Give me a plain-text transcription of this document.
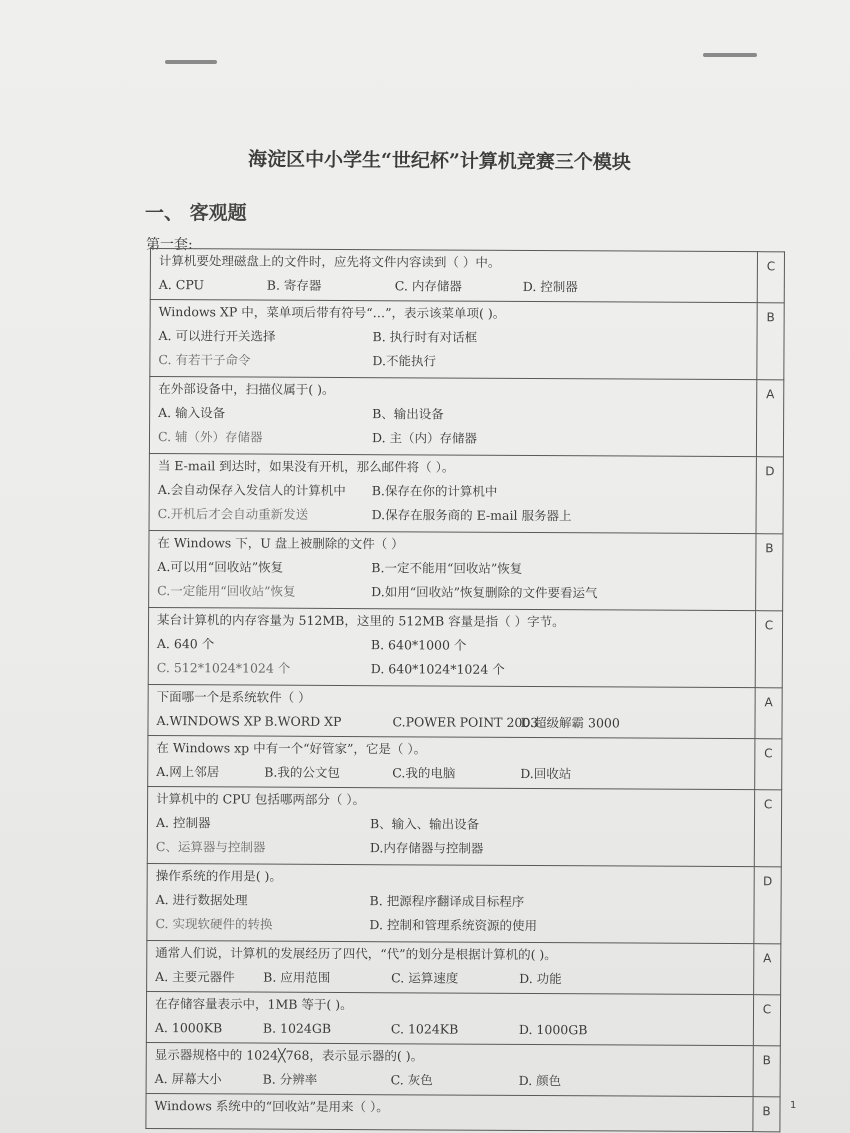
海淀区中小学生“世纪杯”计算机竞赛三个模块
一、 客观题
第一套:
计算机要处理磁盘上的文件时，应先将文件内容读到（ ）中。
A. CPU B. 寄存器 C. 内存储器 D. 控制器	C

Windows XP 中，菜单项后带有符号“…”，表示该菜单项( )。
A. 可以进行开关选择 B. 执行时有对话框
C. 有若干子命令 D.不能执行	B

在外部设备中，扫描仪属于( )。
A. 输入设备 B、输出设备
C. 辅（外）存储器 D. 主（内）存储器	A

当 E-mail 到达时，如果没有开机，那么邮件将（ ）。
A.会自动保存入发信人的计算机中 B.保存在你的计算机中
C.开机后才会自动重新发送 D.保存在服务商的 E-mail 服务器上	D

在 Windows 下，U 盘上被删除的文件（ ）
A.可以用“回收站”恢复 B.一定不能用“回收站”恢复
C.一定能用“回收站”恢复 D.如用“回收站”恢复删除的文件要看运气	B

某台计算机的内存容量为 512MB，这里的 512MB 容量是指（ ）字节。
A. 640 个 B. 640*1000 个
C. 512*1024*1024 个 D. 640*1024*1024 个	C

下面哪一个是系统软件（ ）
A.WINDOWS XP B.WORD XP C.POWER POINT 2003D.超级解霸 3000	A

在 Windows xp 中有一个“好管家”，它是（ ）。
A.网上邻居 B.我的公文包 C.我的电脑 D.回收站	C

计算机中的 CPU 包括哪两部分（ ）。
A. 控制器 B、输入、输出设备
C、运算器与控制器 D.内存储器与控制器	C

操作系统的作用是( )。
A. 进行数据处理 B. 把源程序翻译成目标程序
C. 实现软硬件的转换 D. 控制和管理系统资源的使用	D

通常人们说，计算机的发展经历了四代，“代”的划分是根据计算机的( )。
A. 主要元器件 B. 应用范围 C. 运算速度 D. 功能	A

在存储容量表示中，1MB 等于( )。
A. 1000KB B. 1024GB C. 1024KB D. 1000GB	C

显示器规格中的 1024╳768，表示显示器的( )。
A. 屏幕大小 B. 分辨率 C. 灰色 D. 颜色	B

Windows 系统中的“回收站”是用来（ ）。	B 1
